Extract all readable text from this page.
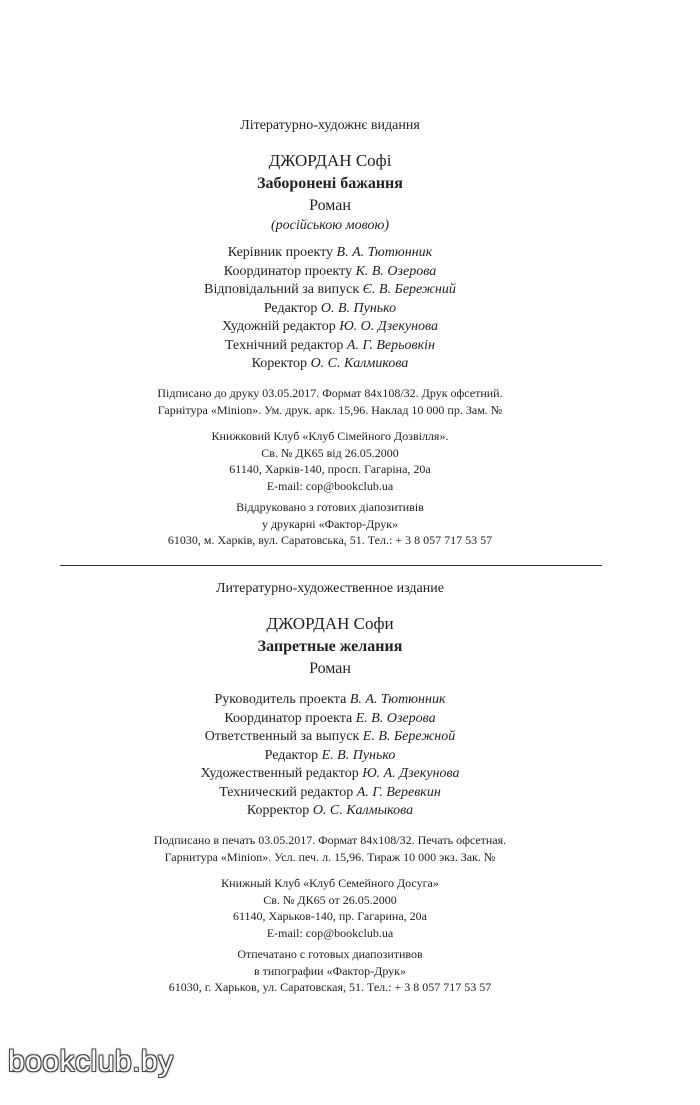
Літературно-художнє видання
ДЖОРДАН Софі
Заборонені бажання
Роман
(російською мовою)
Керівник проекту В. А. Тютюнник
Координатор проекту К. В. Озерова
Відповідальний за випуск Є. В. Бережний
Редактор О. В. Пунько
Художній редактор Ю. О. Дзекунова
Технічний редактор А. Г. Верьовкін
Коректор О. С. Калмикова
Підписано до друку 03.05.2017. Формат 84x108/32. Друк офсетний.
Гарнітура «Minion». Ум. друк. арк. 15,96. Наклад 10 000 пр. Зам. №
Книжковий Клуб «Клуб Сімейного Дозвілля».
Св. № ДК65 від 26.05.2000
61140, Харків-140, просп. Гагаріна, 20а
E-mail: cop@bookclub.ua
Віддруковано з готових діапозитивів
у друкарні «Фактор-Друк»
61030, м. Харків, вул. Саратовська, 51. Тел.: + 3 8 057 717 53 57
Литературно-художественное издание
ДЖОРДАН Софи
Запретные желания
Роман
Руководитель проекта В. А. Тютюнник
Координатор проекта Е. В. Озерова
Ответственный за выпуск Е. В. Бережной
Редактор Е. В. Пунько
Художественный редактор Ю. А. Дзекунова
Технический редактор А. Г. Веревкин
Корректор О. С. Калмыкова
Подписано в печать 03.05.2017. Формат 84x108/32. Печать офсетная.
Гарнитура «Minion». Усл. печ. л. 15,96. Тираж 10 000 экз. Зак. №
Книжный Клуб «Клуб Семейного Досуга»
Св. № ДК65 от 26.05.2000
61140, Харьков-140, пр. Гагарина, 20а
E-mail: cop@bookclub.ua
Отпечатано с готовых диапозитивов
в типографии «Фактор-Друк»
61030, г. Харьков, ул. Саратовская, 51. Тел.: + 3 8 057 717 53 57
bookclub.by
